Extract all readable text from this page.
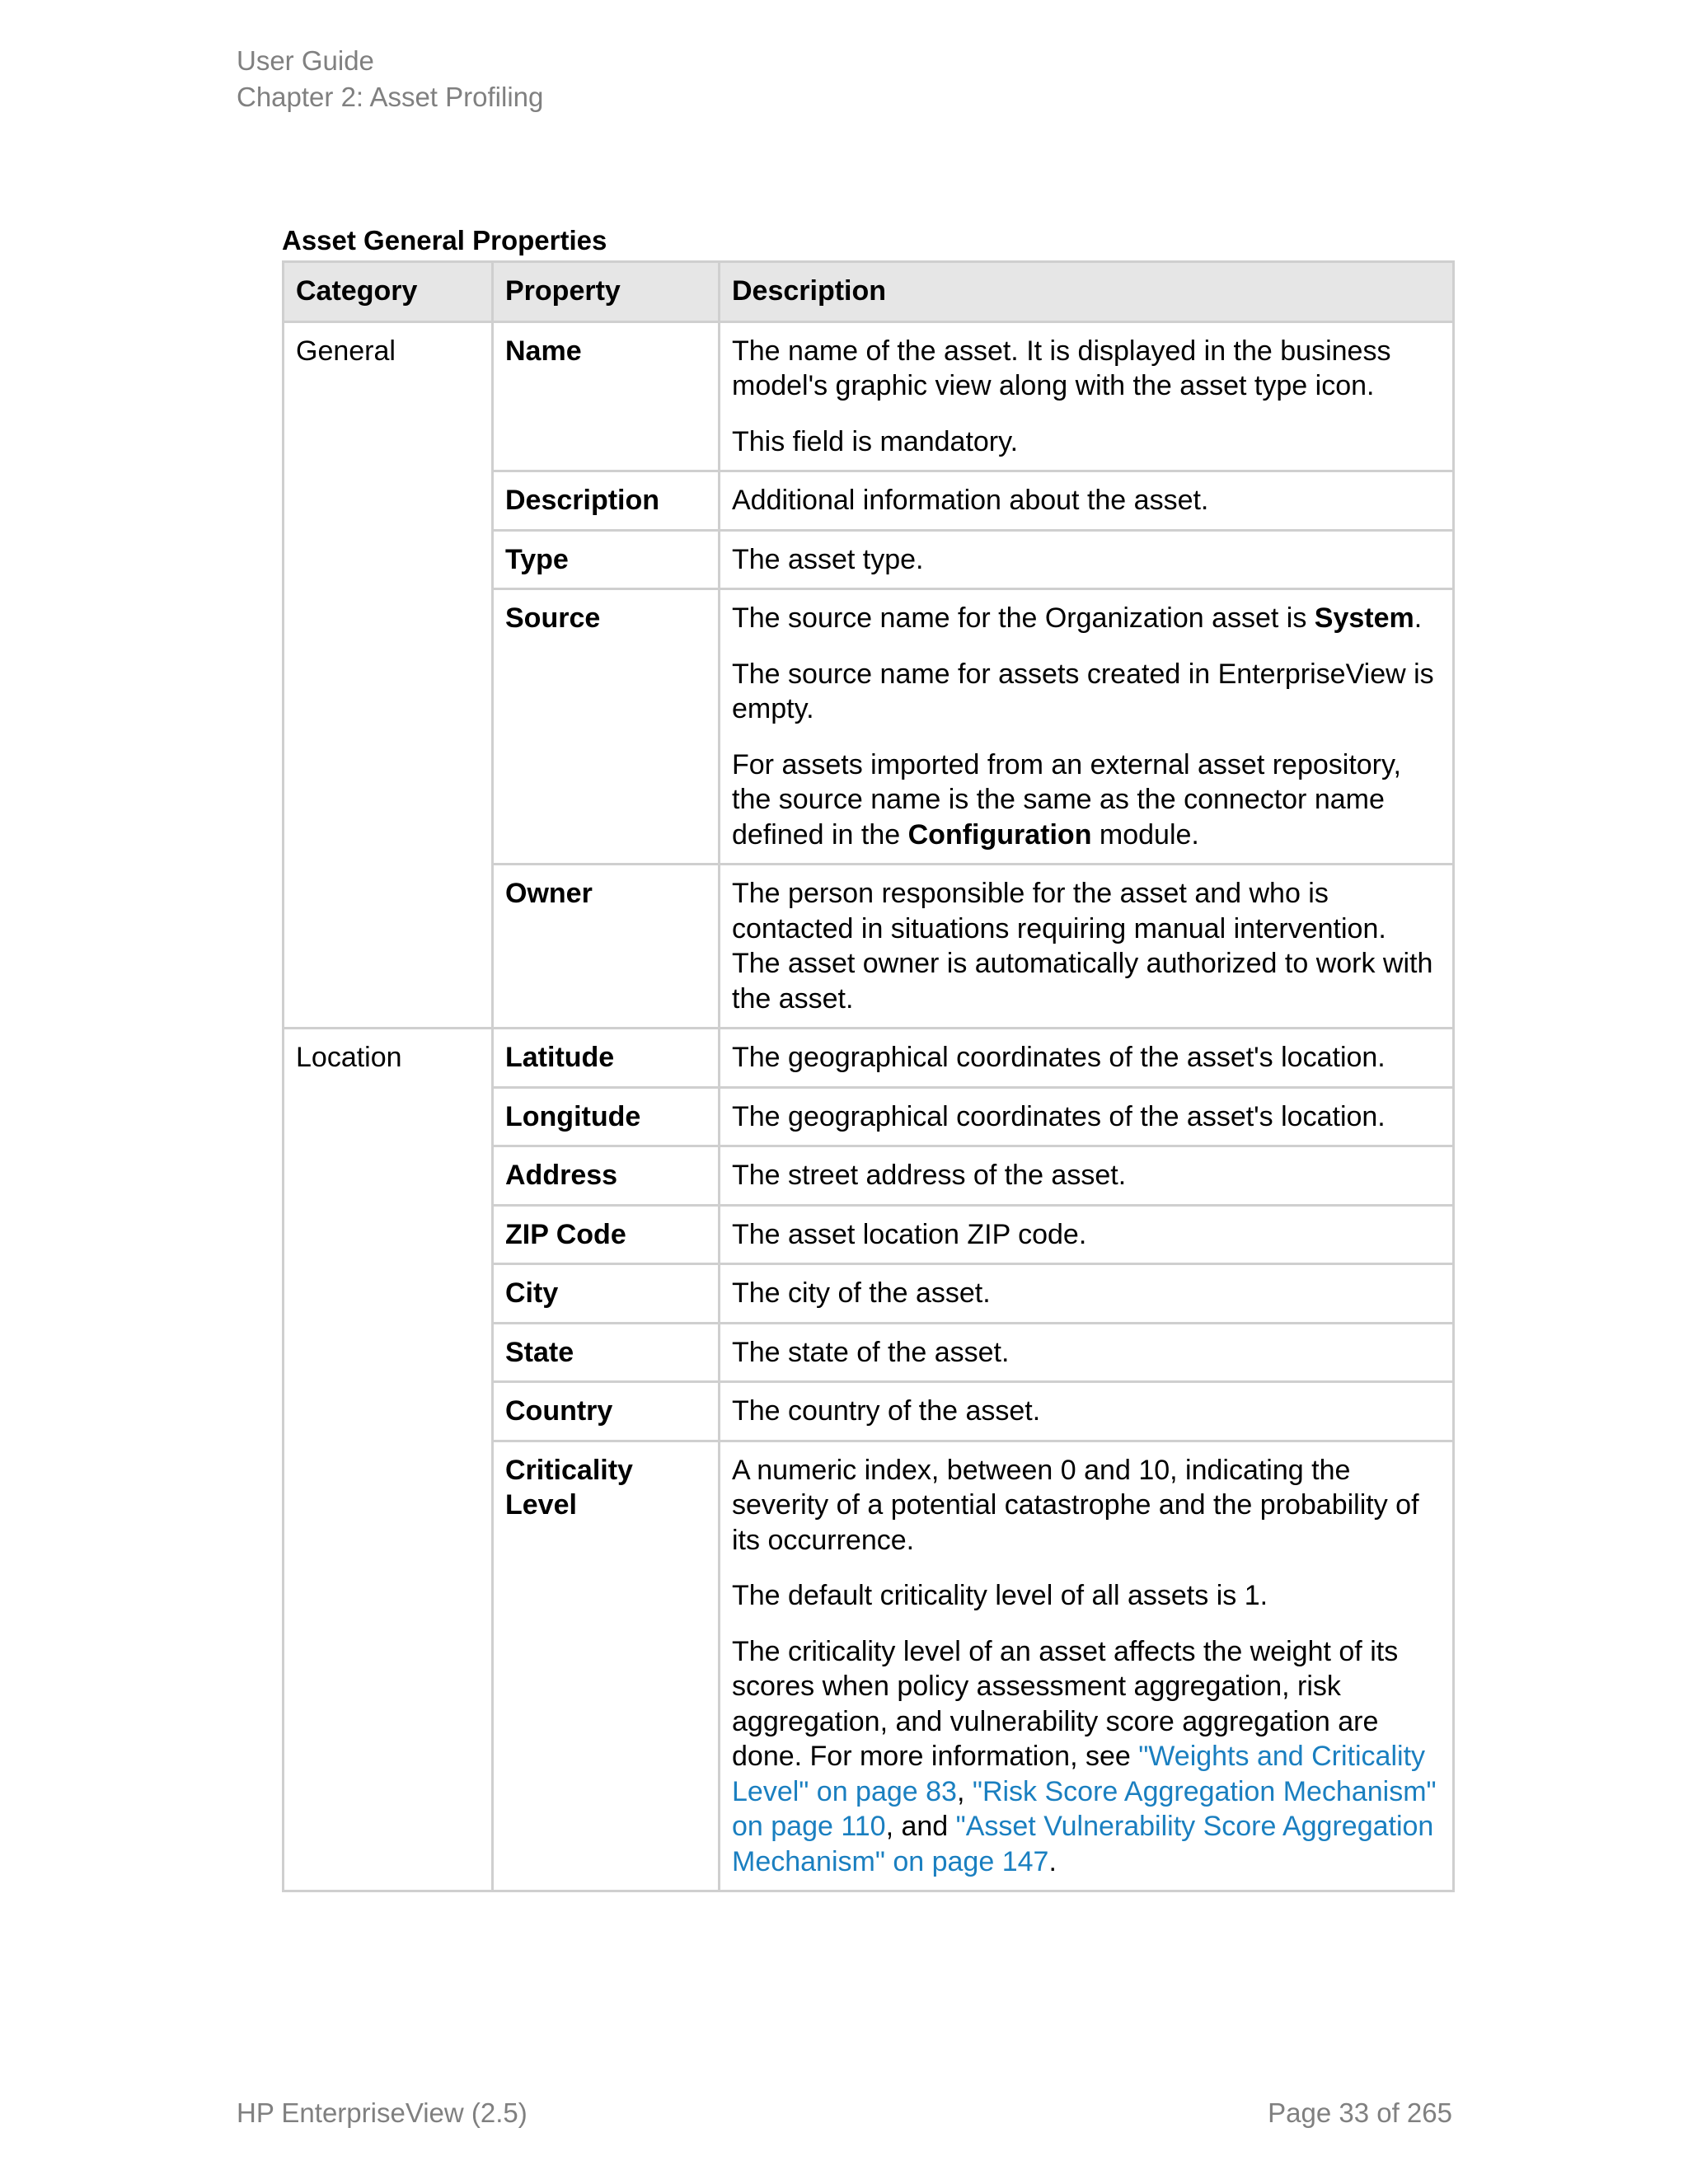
User Guide
Chapter 2: Asset Profiling
Asset General Properties
Category	Property	Description
General	Name	The name of the asset. It is displayed in the business model's graphic view along with the asset type icon.

This field is mandatory.

	Description	Additional information about the asset.

	Type	The asset type.

	Source	The source name for the Organization asset is System.

The source name for assets created in EnterpriseView is empty.

For assets imported from an external asset repository, the source name is the same as the connector name defined in the Configuration module.

	Owner	The person responsible for the asset and who is contacted in situations requiring manual intervention. The asset owner is automatically authorized to work with the asset.

Location	Latitude	The geographical coordinates of the asset's location.

	Longitude	The geographical coordinates of the asset's location.

	Address	The street address of the asset.

	ZIP Code	The asset location ZIP code.

	City	The city of the asset.

	State	The state of the asset.

	Country	The country of the asset.

	Criticality Level	A numeric index, between 0 and 10, indicating the severity of a potential catastrophe and the probability of its occurrence.

The default criticality level of all assets is 1.

The criticality level of an asset affects the weight of its scores when policy assessment aggregation, risk aggregation, and vulnerability score aggregation are done. For more information, see "Weights and Criticality Level" on page 83, "Risk Score Aggregation Mechanism" on page 110, and "Asset Vulnerability Score Aggregation Mechanism" on page 147.

HP EnterpriseView (2.5)	Page 33 of 265
